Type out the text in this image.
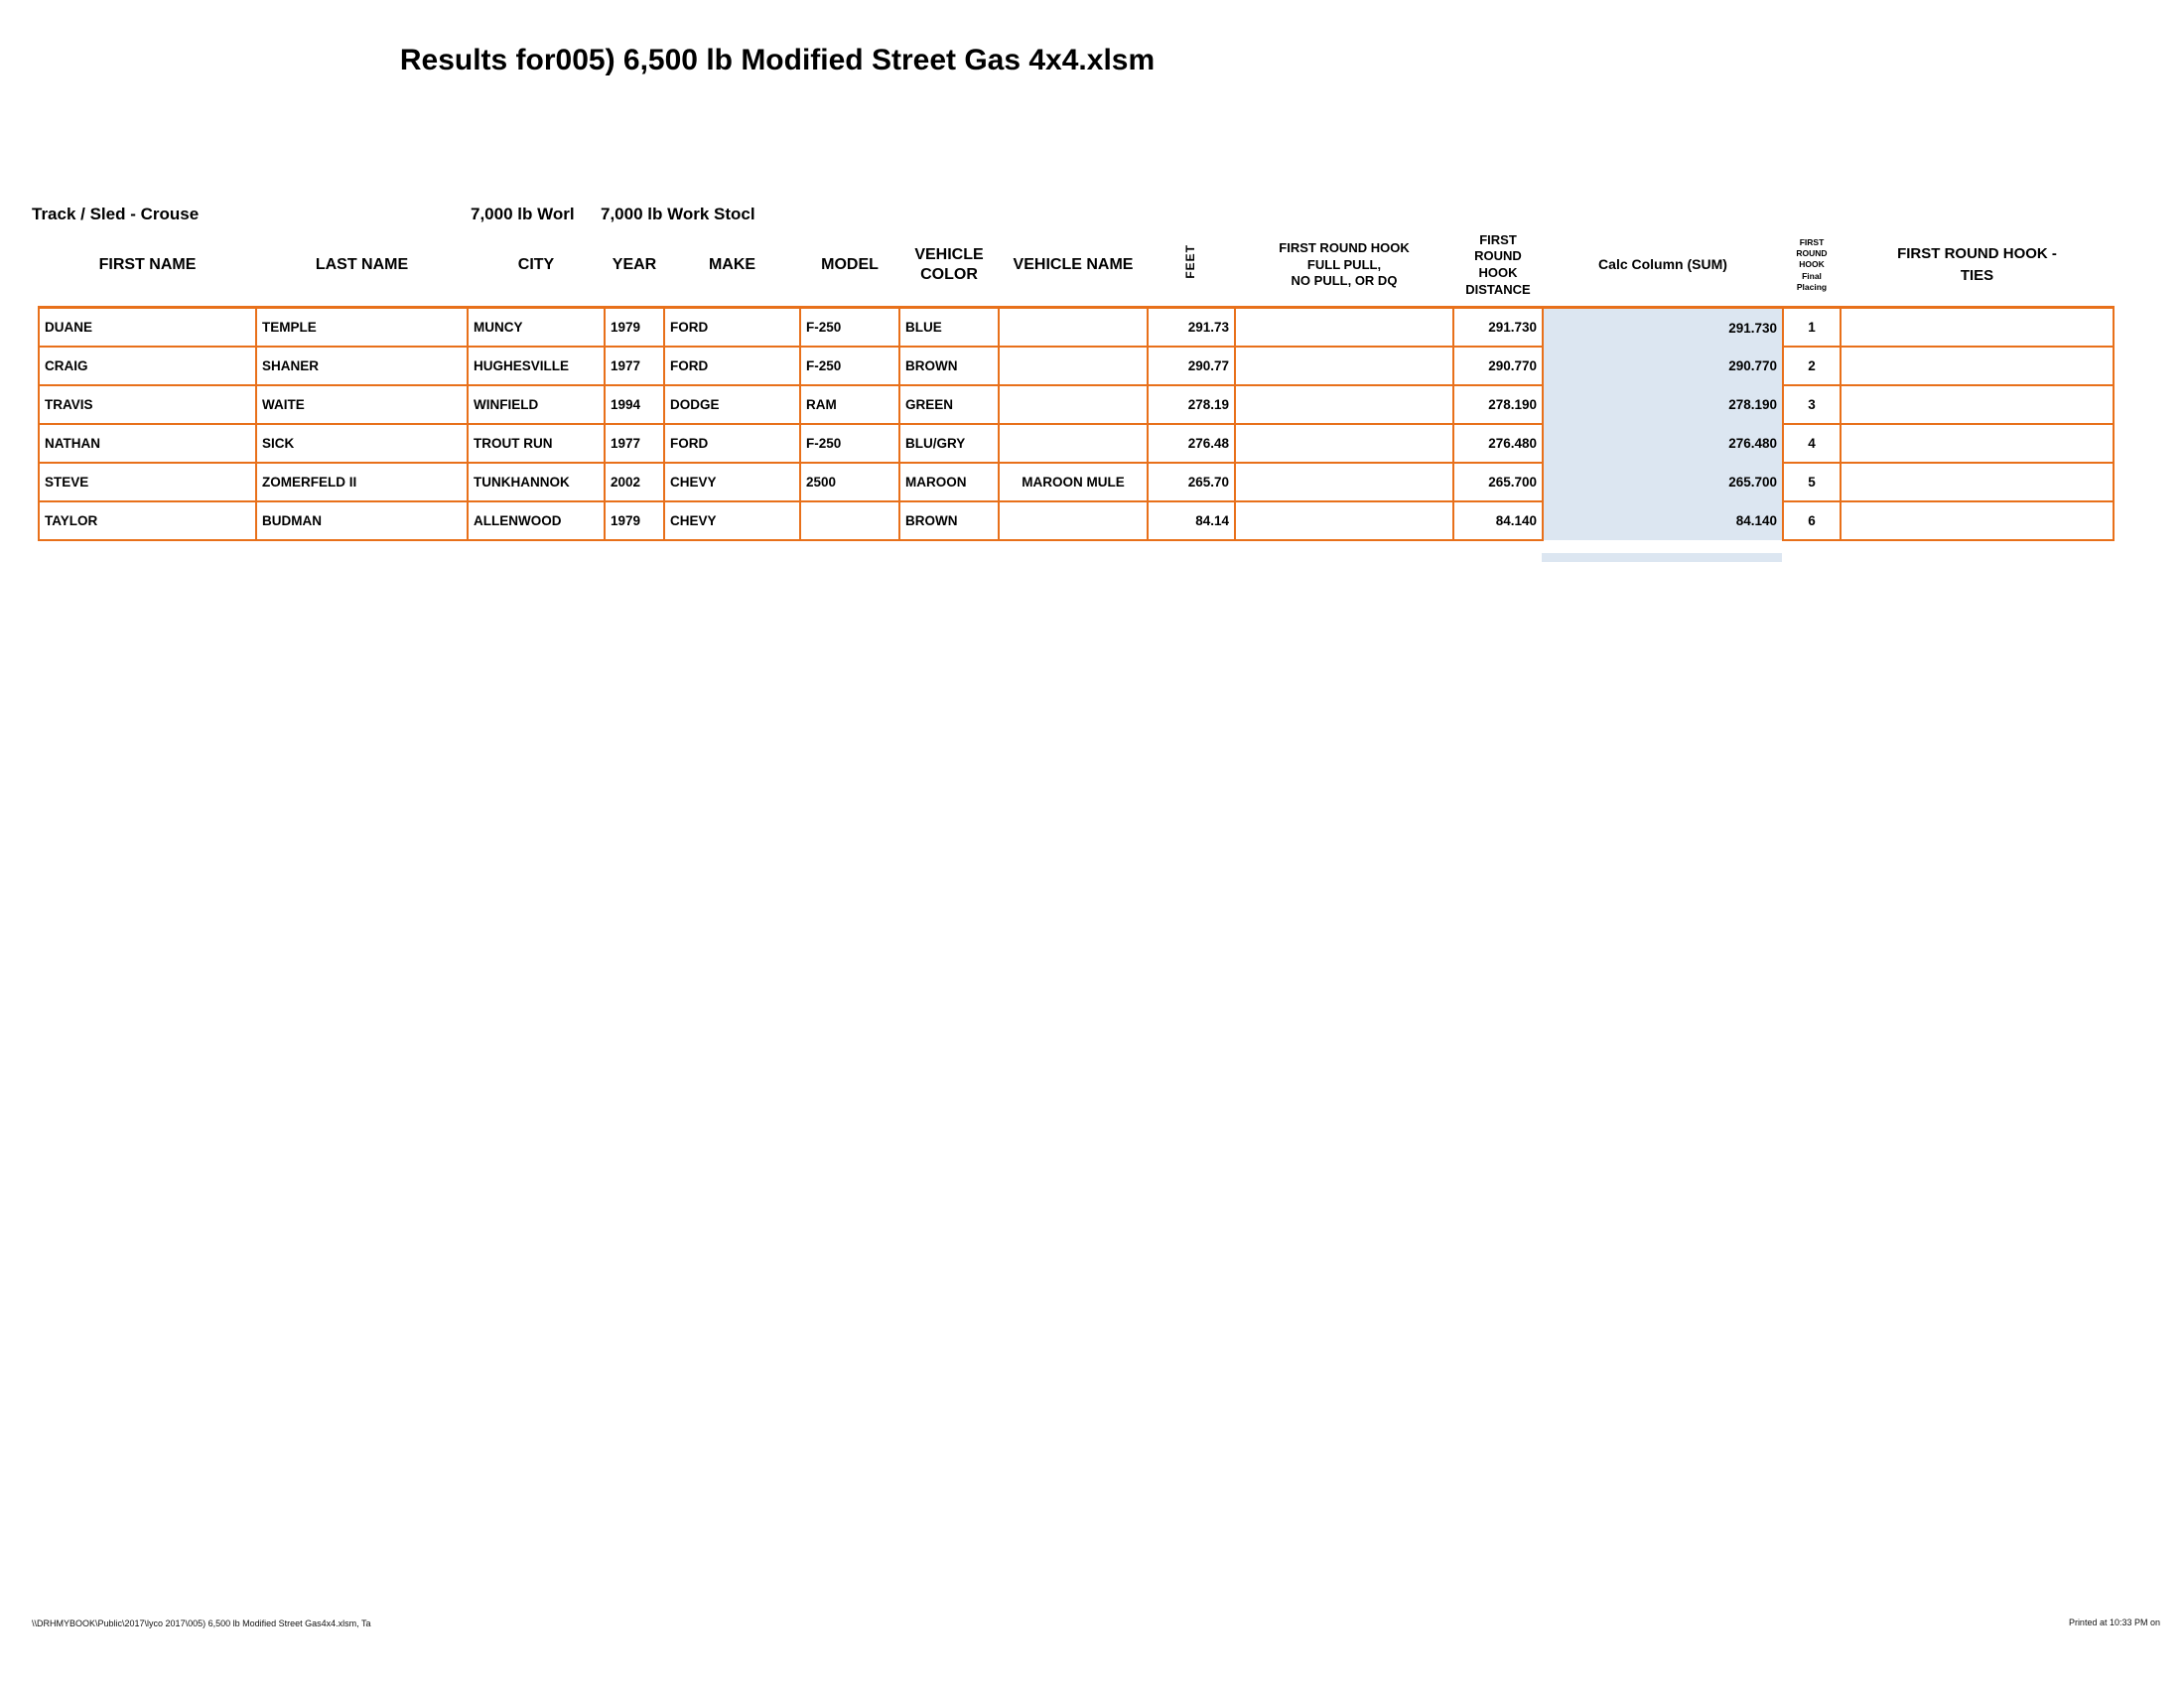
Results for005) 6,500 lb Modified Street Gas 4x4.xlsm
Track / Sled - Crouse	7,000 lb Worl	7,000 lb Work Stocl
FIRST NAME	LAST NAME	CITY	YEAR	MAKE	MODEL	VEHICLE
COLOR	VEHICLE NAME	FEET	FIRST ROUND HOOK
FULL PULL,
NO PULL, OR DQ	FIRST
ROUND
HOOK
DISTANCE	Calc Column (SUM)	FIRST
ROUND
HOOK
Final
Placing	FIRST ROUND HOOK -
TIES
DUANE	TEMPLE	MUNCY	1979	FORD	F-250	BLUE		291.73		291.730	291.730	1	
CRAIG	SHANER	HUGHESVILLE	1977	FORD	F-250	BROWN		290.77		290.770	290.770	2	
TRAVIS	WAITE	WINFIELD	1994	DODGE	RAM	GREEN		278.19		278.190	278.190	3	
NATHAN	SICK	TROUT RUN	1977	FORD	F-250	BLU/GRY		276.48		276.480	276.480	4	
STEVE	ZOMERFELD II	TUNKHANNOK	2002	CHEVY	2500	MAROON	MAROON MULE	265.70		265.700	265.700	5	
TAYLOR	BUDMAN	ALLENWOOD	1979	CHEVY		BROWN		84.14		84.140	84.140	6	
\\DRHMYBOOK\Public\2017\lyco 2017\005) 6,500 lb Modified Street Gas4x4.xlsm, Ta	Printed at 10:33 PM on
